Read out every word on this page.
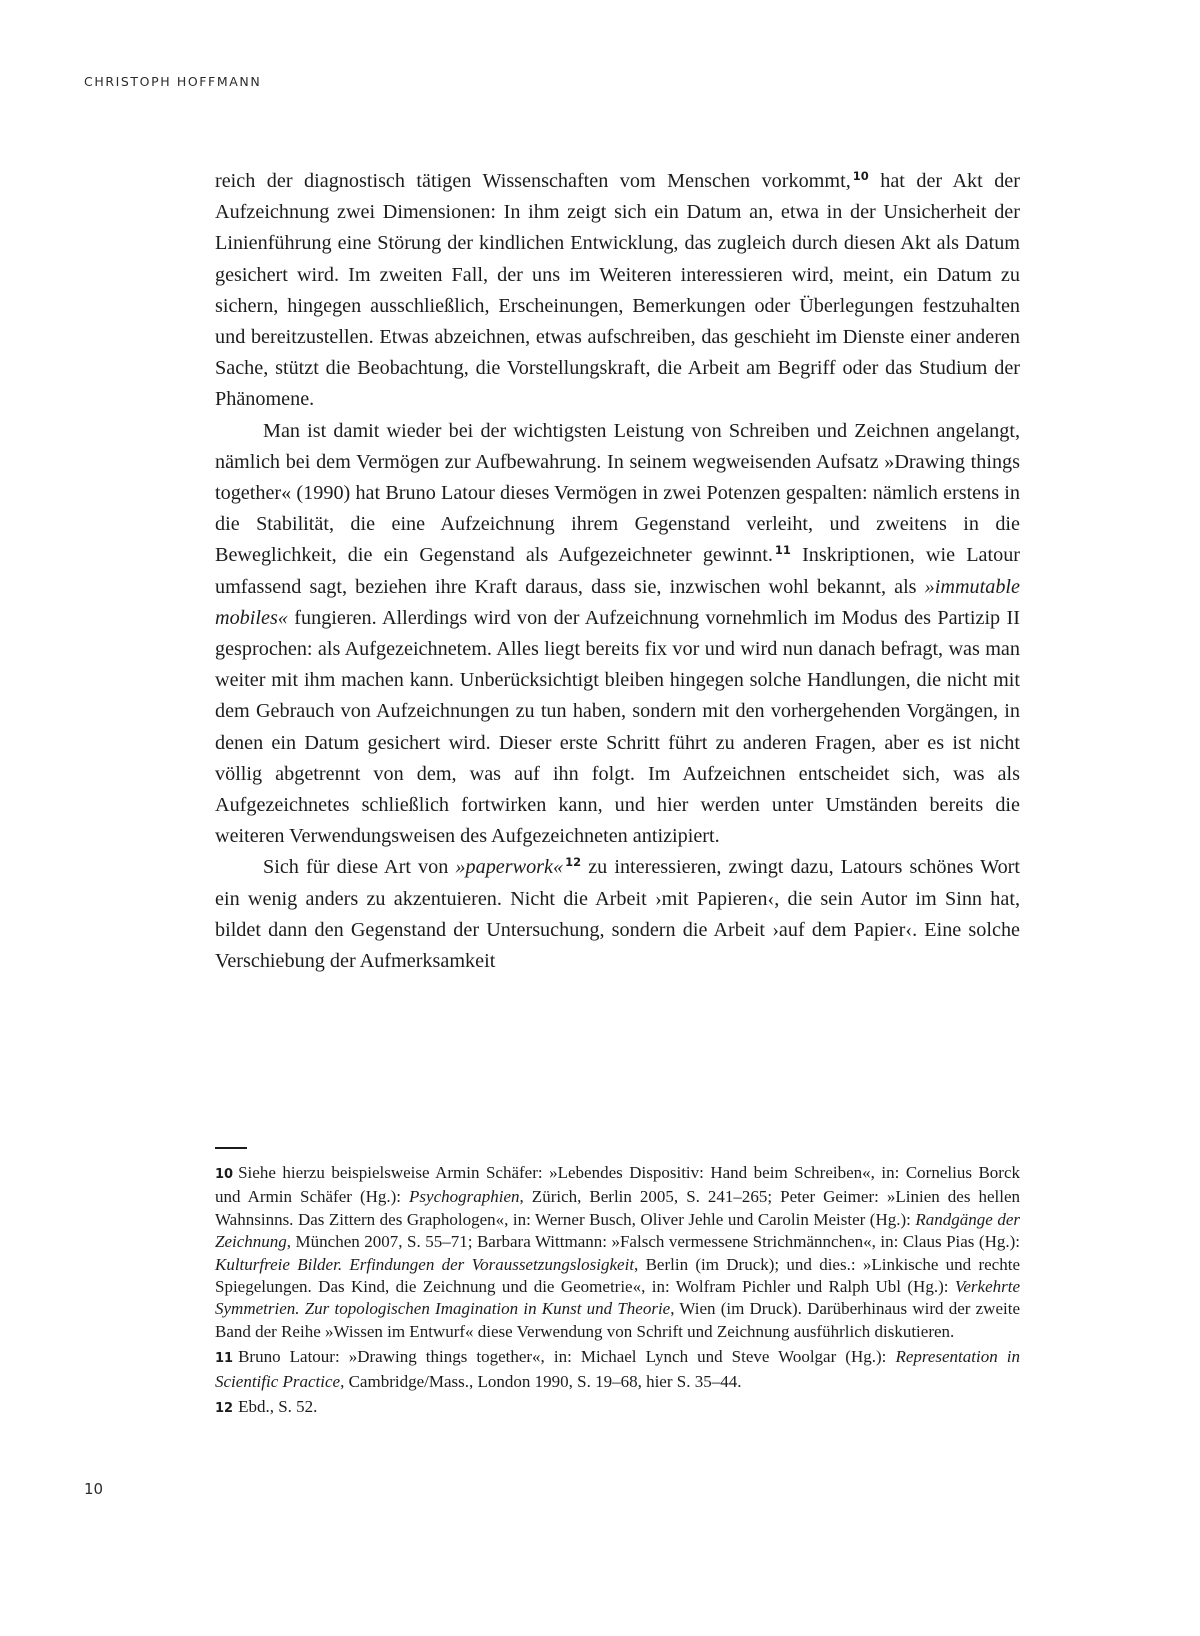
CHRISTOPH HOFFMANN

reich der diagnostisch tätigen Wissenschaften vom Menschen vorkommt, $^{10}$ hat der Akt der Aufzeichnung zwei Dimensionen: In ihm zeigt sich ein Datum an, etwa in der Unsicherheit der Linienführung eine Störung der kindlichen Entwicklung, das zugleich durch diesen Akt als Datum gesichert wird. Im zweiten Fall, der uns im Weiteren interessieren wird, meint, ein Datum zu sichern, hingegen ausschließlich, Erscheinungen, Bemerkungen oder Überlegungen festzuhalten und bereitzustellen. Etwas abzeichnen, etwas aufschreiben, das geschieht im Dienste einer anderen Sache, stützt die Beobachtung, die Vorstellungskraft, die Arbeit am Begriff oder das Studium der Phänomene.

Man ist damit wieder bei der wichtigsten Leistung von Schreiben und Zeichnen angelangt, nämlich bei dem Vermögen zur Aufbewahrung. In seinem wegweisenden Aufsatz »Drawing things together« (1990) hat Bruno Latour dieses Vermögen in zwei Potenzen gespalten: nämlich erstens in die Stabilität, die eine Aufzeichnung ihrem Gegenstand verleiht, und zweitens in die Beweglichkeit, die ein Gegenstand als Aufgezeichneter gewinnt. $^{11}$ Inskriptionen, wie Latour umfassend sagt, beziehen ihre Kraft daraus, dass sie, inzwischen wohl bekannt, als »immutable mobiles« fungieren. Allerdings wird von der Aufzeichnung vornehmlich im Modus des Partizip II gesprochen: als Aufgezeichnetem. Alles liegt bereits fix vor und wird nun danach befragt, was man weiter mit ihm machen kann. Unberücksichtigt bleiben hingegen solche Handlungen, die nicht mit dem Gebrauch von Aufzeichnungen zu tun haben, sondern mit den vorhergehenden Vorgängen, in denen ein Datum gesichert wird. Dieser erste Schritt führt zu anderen Fragen, aber es ist nicht völlig abgetrennt von dem, was auf ihn folgt. Im Aufzeichnen entscheidet sich, was als Aufgezeichnetes schließlich fortwirken kann, und hier werden unter Umständen bereits die weiteren Verwendungsweisen des Aufgezeichneten antizipiert.

Sich für diese Art von »paperwork« $^{12}$ zu interessieren, zwingt dazu, Latours schönes Wort ein wenig anders zu akzentuieren. Nicht die Arbeit ›mit Papieren‹, die sein Autor im Sinn hat, bildet dann den Gegenstand der Untersuchung, sondern die Arbeit ›auf dem Papier‹. Eine solche Verschiebung der Aufmerksamkeit

10 Siehe hierzu beispielsweise Armin Schäfer: »Lebendes Dispositiv: Hand beim Schreiben«, in: Cornelius Borck und Armin Schäfer (Hg.): Psychographien, Zürich, Berlin 2005, S. 241–265; Peter Geimer: »Linien des hellen Wahnsinns. Das Zittern des Graphologen«, in: Werner Busch, Oliver Jehle und Carolin Meister (Hg.): Randgänge der Zeichnung, München 2007, S. 55–71; Barbara Wittmann: »Falsch vermessene Strichmännchen«, in: Claus Pias (Hg.): Kulturfreie Bilder. Erfindungen der Voraussetzungslosigkeit, Berlin (im Druck); und dies.: »Linkische und rechte Spiegelungen. Das Kind, die Zeichnung und die Geometrie«, in: Wolfram Pichler und Ralph Ubl (Hg.): Verkehrte Symmetrien. Zur topologischen Imagination in Kunst und Theorie, Wien (im Druck). Darüberhinaus wird der zweite Band der Reihe »Wissen im Entwurf« diese Verwendung von Schrift und Zeichnung ausführlich diskutieren.
11 Bruno Latour: »Drawing things together«, in: Michael Lynch und Steve Woolgar (Hg.): Representation in Scientific Practice, Cambridge/Mass., London 1990, S. 19–68, hier S. 35–44.
12 Ebd., S. 52.
10
